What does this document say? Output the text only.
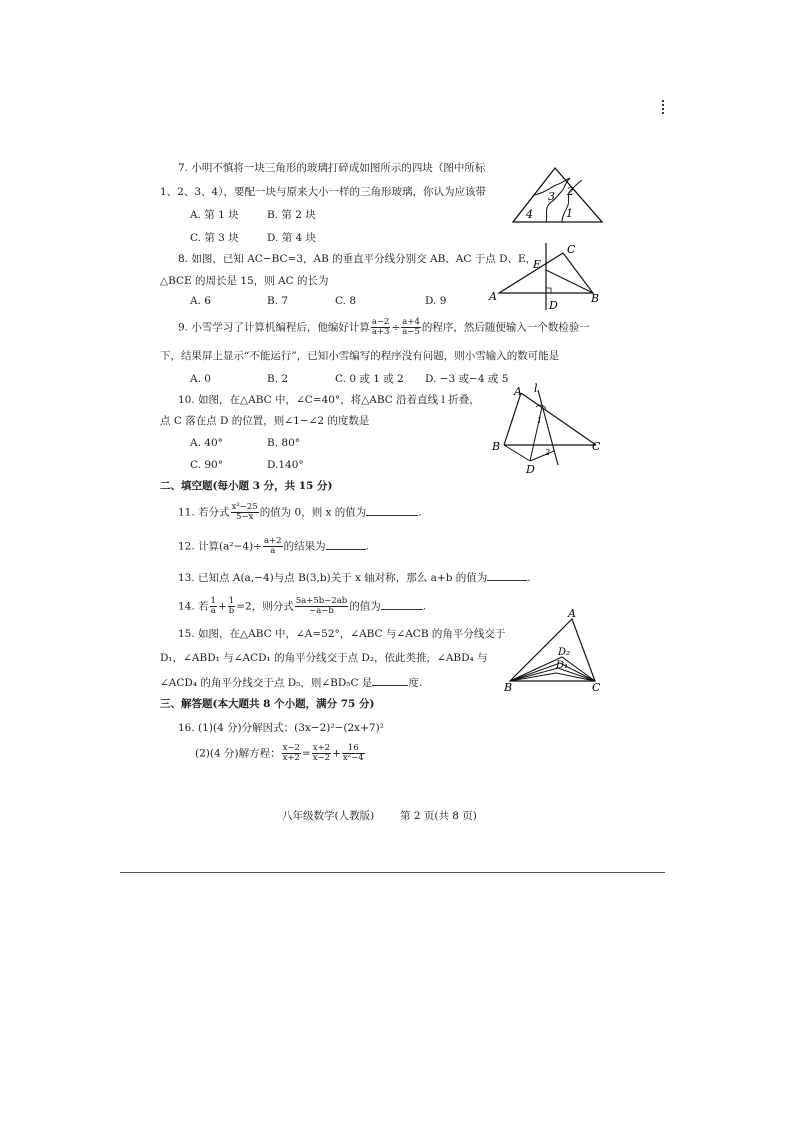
7. 小明不慎将一块三角形的玻璃打碎成如图所示的四块（图中所标
1、2、3、4），要配一块与原来大小一样的三角形玻璃，你认为应该带
A. 第 1 块	B. 第 2 块
C. 第 3 块	D. 第 4 块
2
3
4	1
8. 如图，已知 AC−BC=3，AB 的垂直平分线分别交 AB、AC 于点 D、E，
△BCE 的周长是 15，则 AC 的长为
A. 6	B. 7	C. 8	D. 9
E
C
A
D
B
9. 小雪学习了计算机编程后，他编好计算 $\frac{a-2}{a+3} \div \frac{a+4}{a-5}$ 的程序，然后随便输入一个数检验一
下，结果屏上显示“不能运行”，已知小雪编写的程序没有问题，则小雪输入的数可能是
A. 0	B. 2	C. 0 或 1 或 2 D. −3 或−4 或 5
10. 如图，在△ABC 中，∠C=40°，将△ABC 沿着直线 l 折叠，
点 C 落在点 D 的位置，则∠1−∠2 的度数是
A. 40°	B. 80°
C. 90°	D.140°
A l
1
B	C
2
D
二、填空题(每小题 3 分，共 15 分)
11. 若分式 $\frac{\text{x²−25}}{5-x}$ 的值为 0，则 x 的值为	.
12. 计算$(a^2-4)\div \frac{a+2}{a}$ 的结果为	.
13. 已知点 A(a,−4)与点 B(3,b)关于 x 轴对称，那么 a+b 的值为	.
14. 若 $\frac{1}{a} + \frac{1}{b} =2$，则分式 $\frac{5a+5b-2ab}{-a-b}$ 的值为	.
15. 如图，在△ABC 中，∠A=52°，∠ABC 与∠ACB 的角平分线交于
D₁，∠ABD₁ 与∠ACD₁ 的角平分线交于点 D₂，依此类推，∠ABD₄ 与
∠ACD₄ 的角平分线交于点 D₅，则∠BD₅C 是	度.
A
D₂
D₁
B	C
三、解答题(本大题共 8 个小题，满分 75 分)
16. (1)(4 分)分解因式：(3x−2)²−(2x+7)²
(2)(4 分)解方程： $\frac{x-2}{x+2} = \frac{x+2}{x-2} + \frac{16}{\text{x²−4}}$
八年级数学(人教版) 第 2 页(共 8 页)
